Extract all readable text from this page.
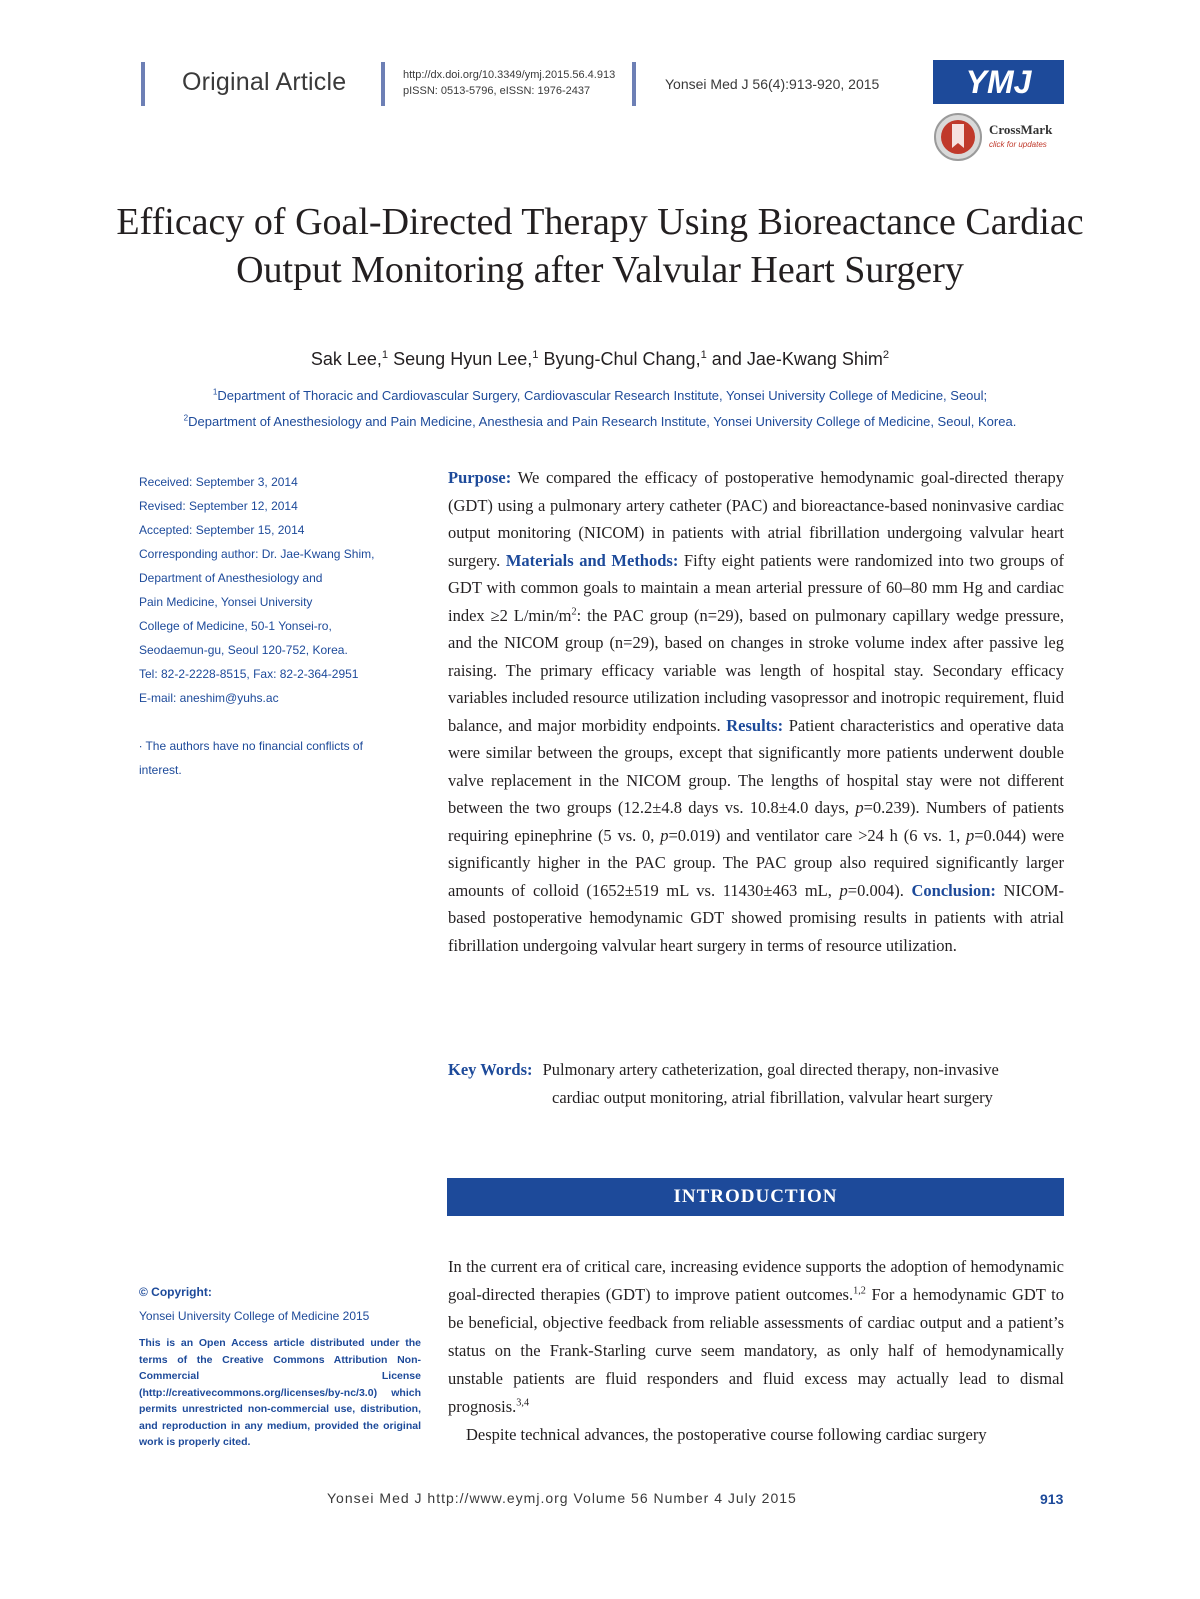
Original Article	http://dx.doi.org/10.3349/ymj.2015.56.4.913
pISSN: 0513-5796, eISSN: 1976-2437	Yonsei Med J 56(4):913-920, 2015	YMJ
CrossMark
click for updates
Efficacy of Goal-Directed Therapy Using Bioreactance Cardiac
Output Monitoring after Valvular Heart Surgery
Sak Lee,$^1$ Seung Hyun Lee,$^1$ Byung-Chul Chang,$^1$ and Jae-Kwang Shim$^2$
$^1$Department of Thoracic and Cardiovascular Surgery, Cardiovascular Research Institute, Yonsei University College of Medicine, Seoul;
$^2$Department of Anesthesiology and Pain Medicine, Anesthesia and Pain Research Institute, Yonsei University College of Medicine, Seoul, Korea.

Received: September 3, 2014

Revised: September 12, 2014

Accepted: September 15, 2014

Corresponding author: Dr. Jae-Kwang Shim,

Department of Anesthesiology and

Pain Medicine, Yonsei University

College of Medicine, 50-1 Yonsei-ro,

Seodaemun-gu, Seoul 120-752, Korea.

Tel: 82-2-2228-8515, Fax: 82-2-364-2951

E-mail: aneshim@yuhs.ac

∙ The authors have no financial conflicts of

interest.

Purpose: We compared the efficacy of postoperative hemodynamic goal-directed therapy (GDT) using a pulmonary artery catheter (PAC) and bioreactance-based noninvasive cardiac output monitoring (NICOM) in patients with atrial fibrillation undergoing valvular heart surgery. Materials and Methods: Fifty eight patients were randomized into two groups of GDT with common goals to maintain a mean arterial pressure of 60–80 mm Hg and cardiac index ≥2 $L/\min/m^2$: the PAC group (n=29), based on pulmonary capillary wedge pressure, and the NICOM group (n=29), based on changes in stroke volume index after passive leg raising. The primary efficacy variable was length of hospital stay. Secondary efficacy variables included resource utilization including vasopressor and inotropic requirement, fluid balance, and major morbidity endpoints. Results: Patient characteristics and operative data were similar between the groups, except that significantly more patients underwent double valve replacement in the NICOM group. The lengths of hospital stay were not different between the two groups (12.2±4.8 days vs. 10.8±4.0 days, p=0.239). Numbers of patients requiring epinephrine (5 vs. 0, p=0.019) and ventilator care >24 h (6 vs. 1, p=0.044) were significantly higher in the PAC group. The PAC group also required significantly larger amounts of colloid (1652±519 mL vs. 11430±463 mL, p=0.004). Conclusion: NICOM-based postoperative hemodynamic GDT showed promising results in patients with atrial fibrillation undergoing valvular heart surgery in terms of resource utilization.
Key Words: Pulmonary artery catheterization, goal directed therapy, non-invasive
cardiac output monitoring, atrial fibrillation, valvular heart surgery
INTRODUCTION
In the current era of critical care, increasing evidence supports the adoption of hemodynamic goal-directed therapies (GDT) to improve patient outcomes.$^{1,2}$ For a hemodynamic GDT to be beneficial, objective feedback from reliable assessments of cardiac output and a patient’s status on the Frank-Starling curve seem mandatory, as only half of hemodynamically unstable patients are fluid responders and fluid excess may actually lead to dismal prognosis.$^{3,4}$
Despite technical advances, the postoperative course following cardiac surgery
© Copyright:
Yonsei University College of Medicine 2015
This is an Open Access article distributed under the terms of the Creative Commons Attribution Non-Commercial License (http://creativecommons.org/licenses/by-nc/3.0) which permits unrestricted non-commercial use, distribution, and reproduction in any medium, provided the original work is properly cited.
Yonsei Med J http://www.eymj.org Volume 56 Number 4 July 2015	913
